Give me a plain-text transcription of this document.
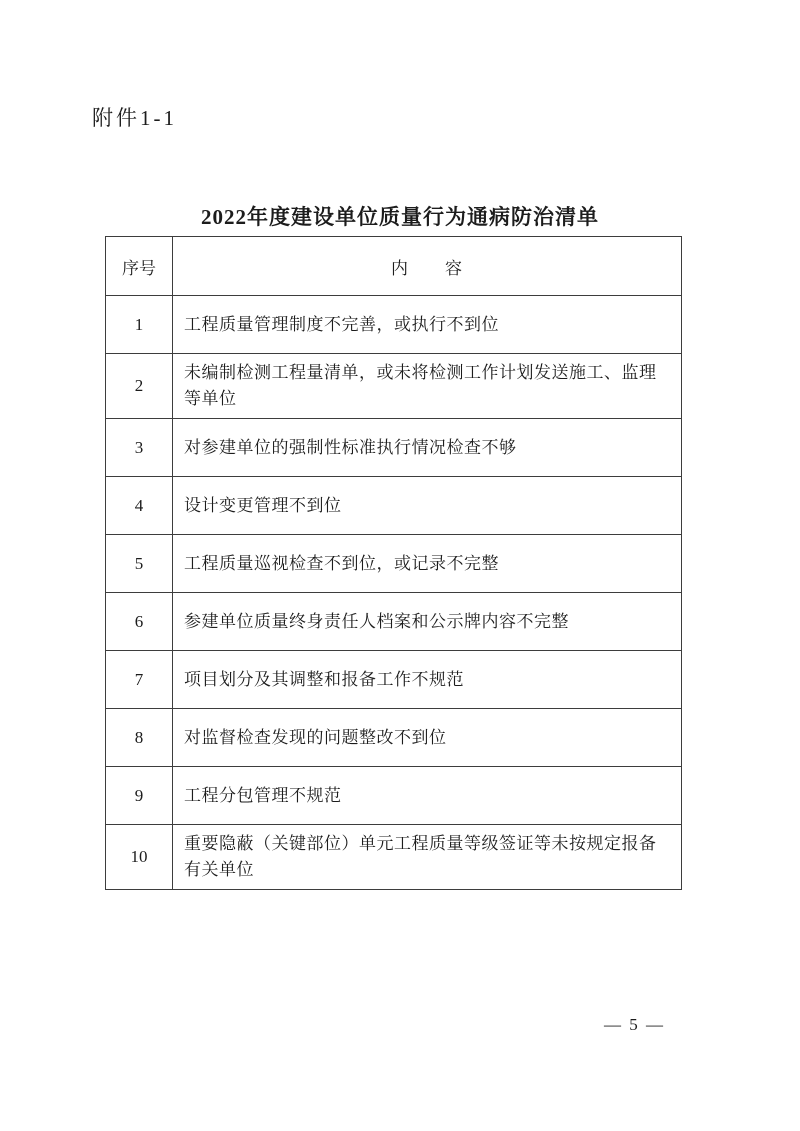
附件1-1
2022年度建设单位质量行为通病防治清单
序号	内　　容
1	工程质量管理制度不完善，或执行不到位
2	未编制检测工程量清单，或未将检测工作计划发送施工、监理等单位
3	对参建单位的强制性标准执行情况检查不够
4	设计变更管理不到位
5	工程质量巡视检查不到位，或记录不完整
6	参建单位质量终身责任人档案和公示牌内容不完整
7	项目划分及其调整和报备工作不规范
8	对监督检查发现的问题整改不到位
9	工程分包管理不规范
10	重要隐蔽（关键部位）单元工程质量等级签证等未按规定报备有关单位
— 5 —
